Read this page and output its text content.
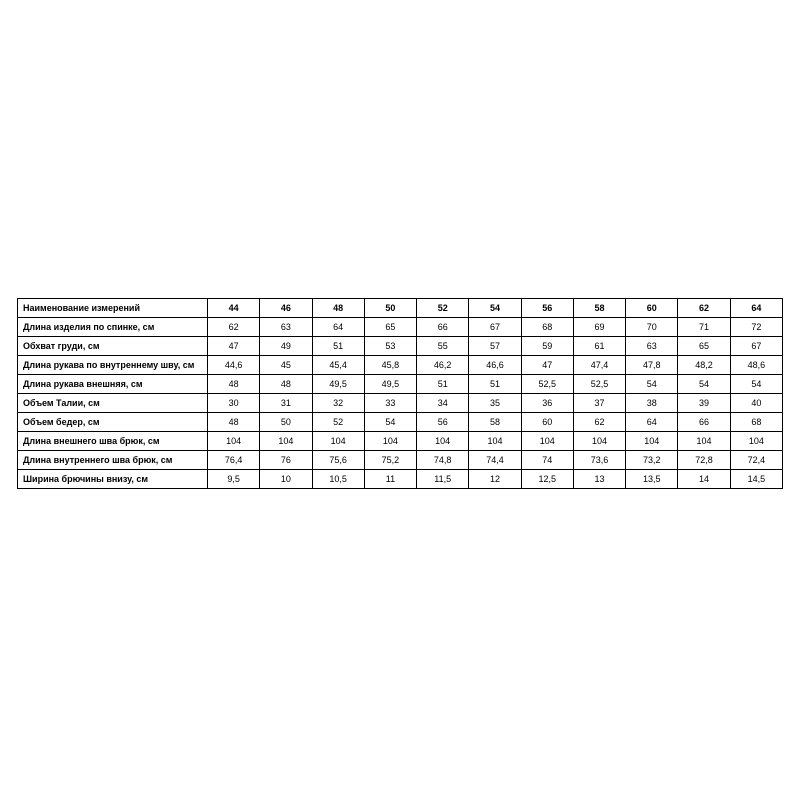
Наименование измерений	44	46	48	50	52	54	56	58	60	62	64
Длина изделия по спинке, см	62	63	64	65	66	67	68	69	70	71	72
Обхват груди, см	47	49	51	53	55	57	59	61	63	65	67
Длина рукава по внутреннему шву, см	44,6	45	45,4	45,8	46,2	46,6	47	47,4	47,8	48,2	48,6
Длина рукава внешняя, см	48	48	49,5	49,5	51	51	52,5	52,5	54	54	54
Объем Талии, см	30	31	32	33	34	35	36	37	38	39	40
Объем бедер, см	48	50	52	54	56	58	60	62	64	66	68
Длина внешнего шва брюк, см	104	104	104	104	104	104	104	104	104	104	104
Длина внутреннего шва брюк, см	76,4	76	75,6	75,2	74,8	74,4	74	73,6	73,2	72,8	72,4
Ширина брючины внизу, см	9,5	10	10,5	11	11,5	12	12,5	13	13,5	14	14,5
